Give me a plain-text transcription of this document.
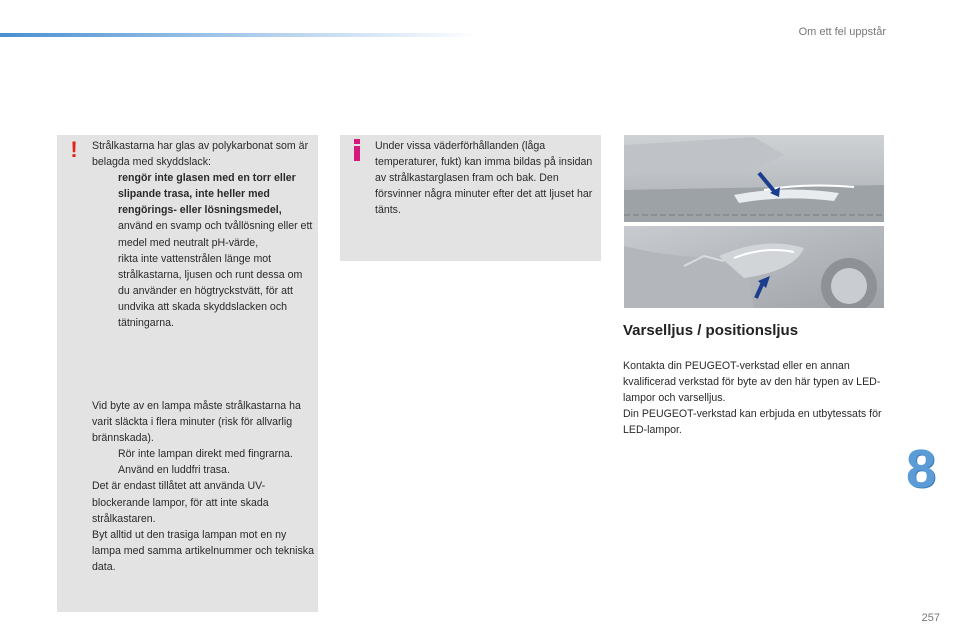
Om ett fel uppstår
! Strålkastarna har glas av polykarbonat som är belagda med skyddslack:

rengör inte glasen med en torr eller slipande trasa, inte heller med rengörings- eller lösningsmedel,
använd en svamp och tvållösning eller ett medel med neutralt pH-värde,
rikta inte vattenstrålen länge mot strålkastarna, ljusen och runt dessa om du använder en högtryckstvätt, för att undvika att skada skyddslacken och tätningarna.

Vid byte av en lampa måste strålkastarna ha varit släckta i flera minuter (risk för allvarlig brännskada).

Rör inte lampan direkt med fingrarna. Använd en luddfri trasa.

Det är endast tillåtet att använda UV-blockerande lampor, för att inte skada strålkastaren.

Byt alltid ut den trasiga lampan mot en ny lampa med samma artikelnummer och tekniska data.

Under vissa väderförhållanden (låga temperaturer, fukt) kan imma bildas på insidan av strålkastarglasen fram och bak. Den försvinner några minuter efter det att ljuset har tänts.
Varselljus / positionsljus

Kontakta din PEUGEOT-verkstad eller en annan kvalificerad verkstad för byte av den här typen av LED-lampor och varselljus.

Din PEUGEOT-verkstad kan erbjuda en utbytessats för LED-lampor.

8
257
